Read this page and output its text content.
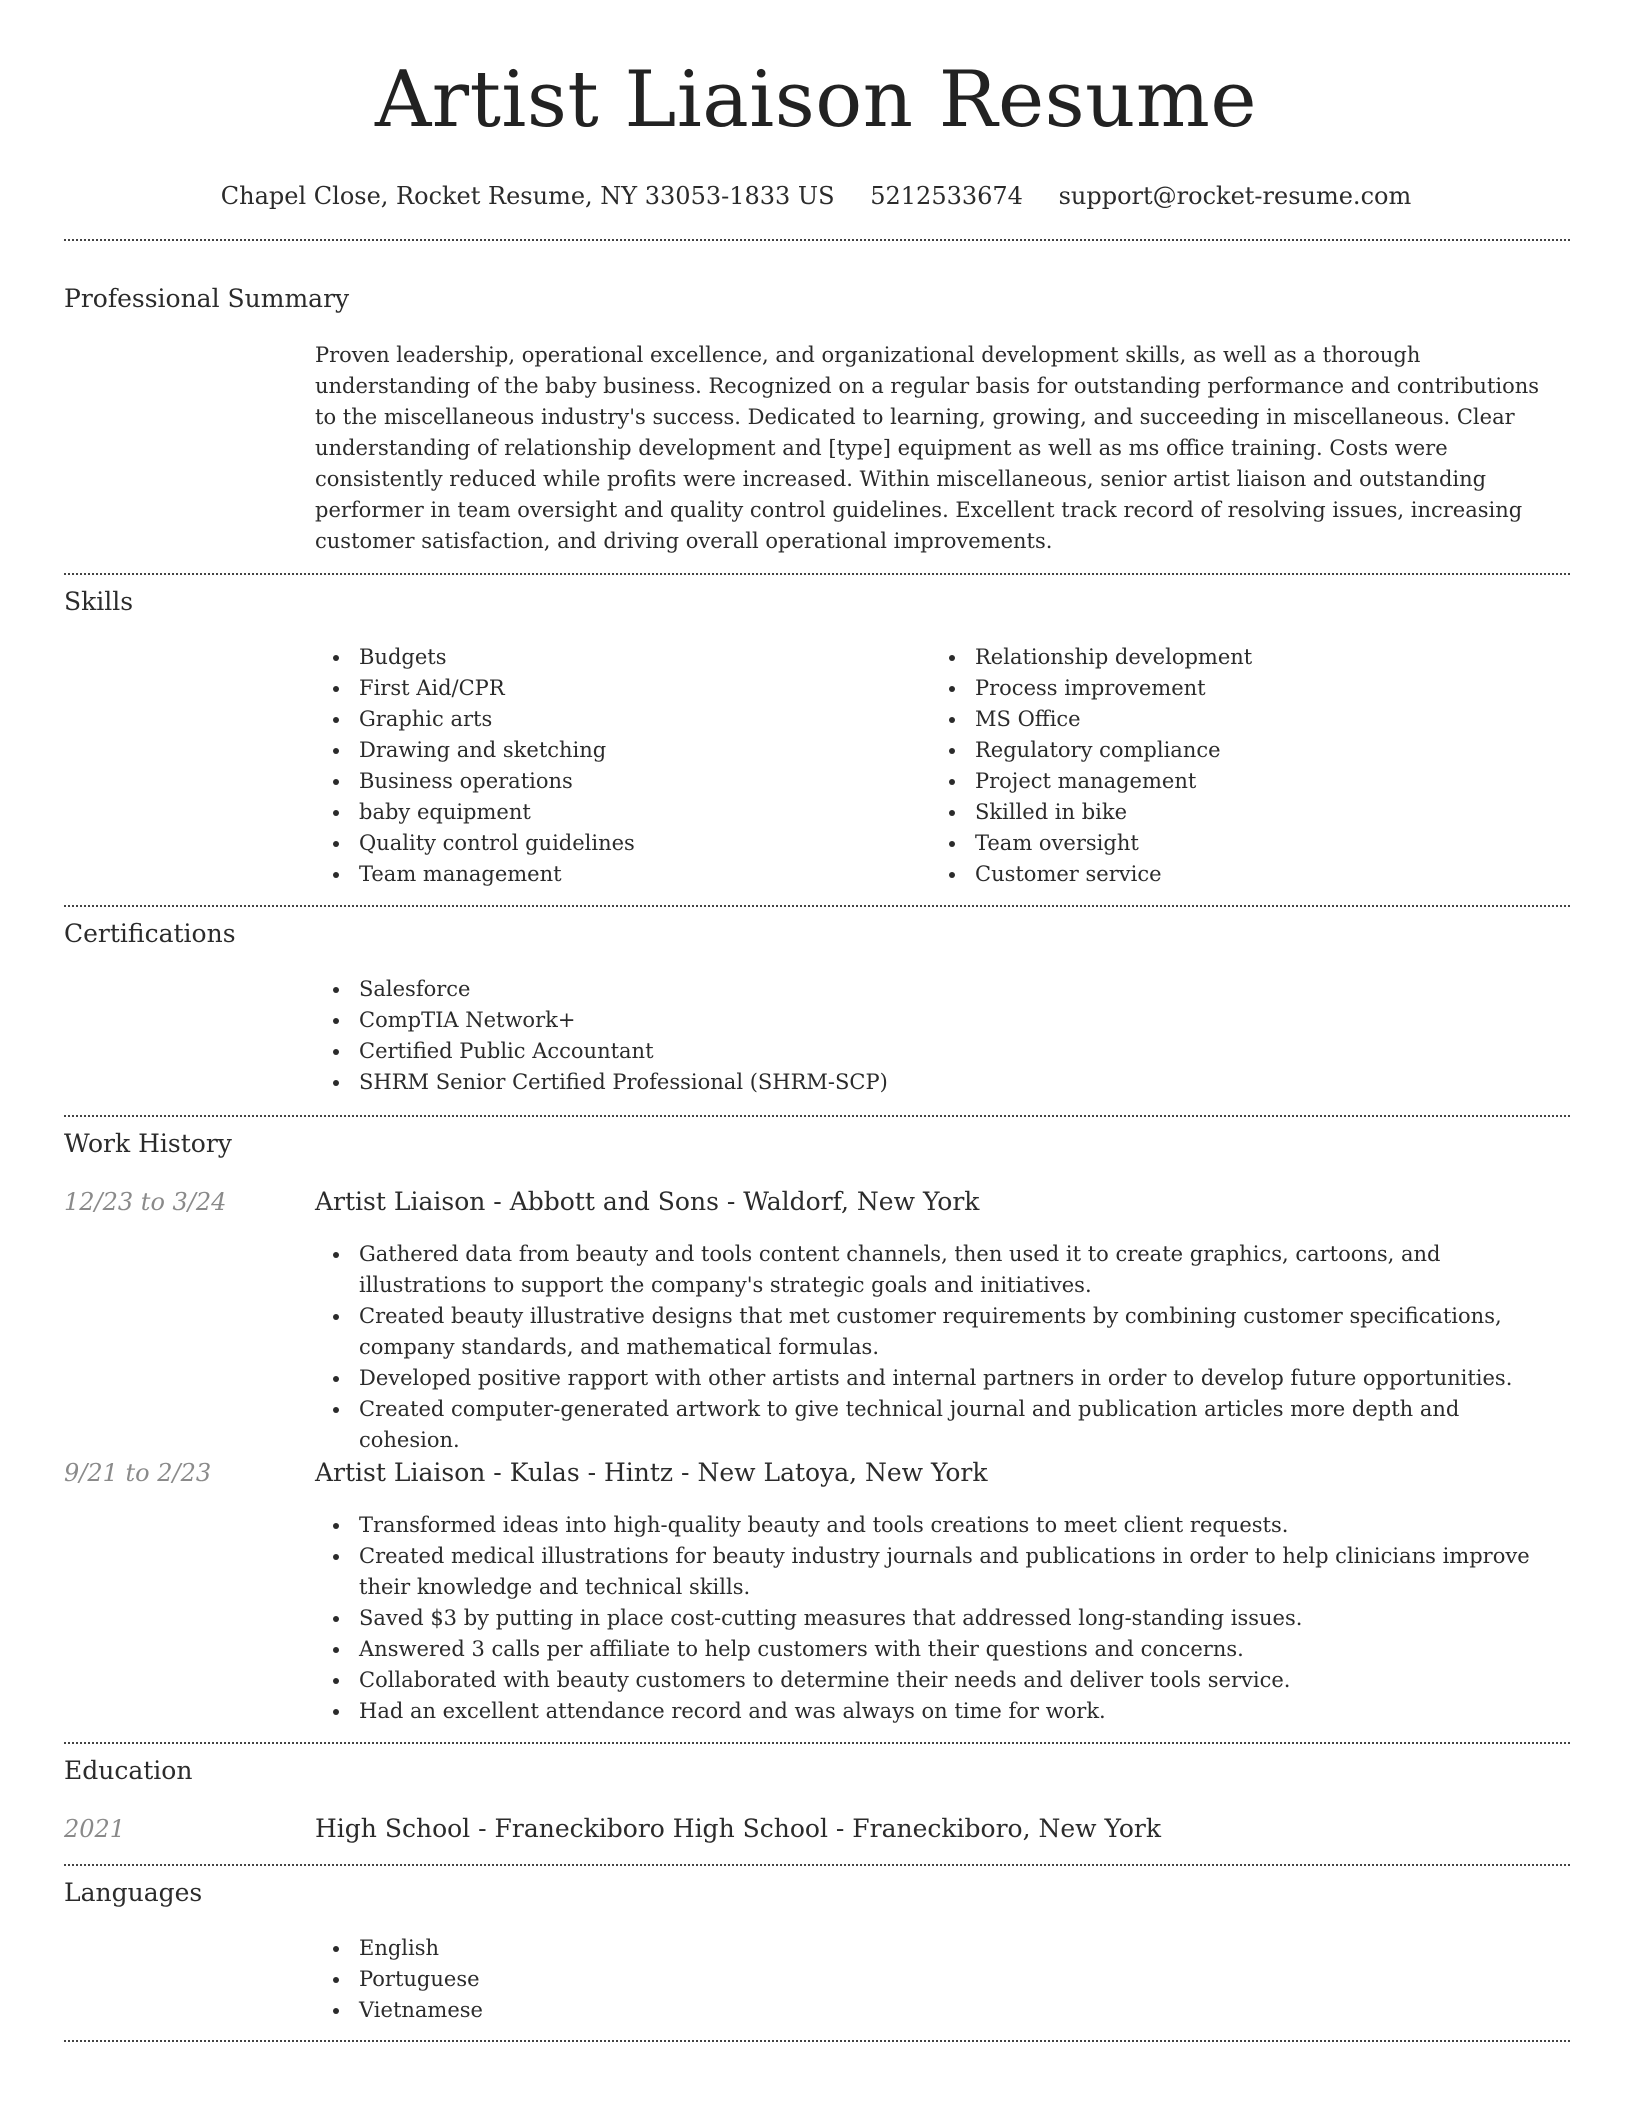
Artist Liaison Resume
Chapel Close, Rocket Resume, NY 33053-1833 US 5212533674 support@rocket-resume.com
Professional Summary

Proven leadership, operational excellence, and organizational development skills, as well as a thorough understanding of the baby business. Recognized on a regular basis for outstanding performance and contributions to the miscellaneous industry's success. Dedicated to learning, growing, and succeeding in miscellaneous. Clear understanding of relationship development and [type] equipment as well as ms office training. Costs were consistently reduced while profits were increased. Within miscellaneous, senior artist liaison and outstanding performer in team oversight and quality control guidelines. Excellent track record of resolving issues, increasing customer satisfaction, and driving overall operational improvements.

Skills
Budgets
First Aid/CPR
Graphic arts
Drawing and sketching
Business operations
baby equipment
Quality control guidelines
Team management
Relationship development
Process improvement
MS Office
Regulatory compliance
Project management
Skilled in bike
Team oversight
Customer service
Certifications
Salesforce
CompTIA Network+
Certified Public Accountant
SHRM Senior Certified Professional (SHRM-SCP)
Work History
12/23 to 3/24	Artist Liaison - Abbott and Sons - Waldorf, New York
Gathered data from beauty and tools content channels, then used it to create graphics, cartoons, and illustrations to support the company's strategic goals and initiatives.
Created beauty illustrative designs that met customer requirements by combining customer specifications, company standards, and mathematical formulas.
Developed positive rapport with other artists and internal partners in order to develop future opportunities.
Created computer-generated artwork to give technical journal and publication articles more depth and cohesion.
9/21 to 2/23	Artist Liaison - Kulas - Hintz - New Latoya, New York
Transformed ideas into high-quality beauty and tools creations to meet client requests.
Created medical illustrations for beauty industry journals and publications in order to help clinicians improve their knowledge and technical skills.
Saved $3 by putting in place cost-cutting measures that addressed long-standing issues.
Answered 3 calls per affiliate to help customers with their questions and concerns.
Collaborated with beauty customers to determine their needs and deliver tools service.
Had an excellent attendance record and was always on time for work.
Education
2021	High School - Franeckiboro High School - Franeckiboro, New York
Languages
English
Portuguese
Vietnamese
